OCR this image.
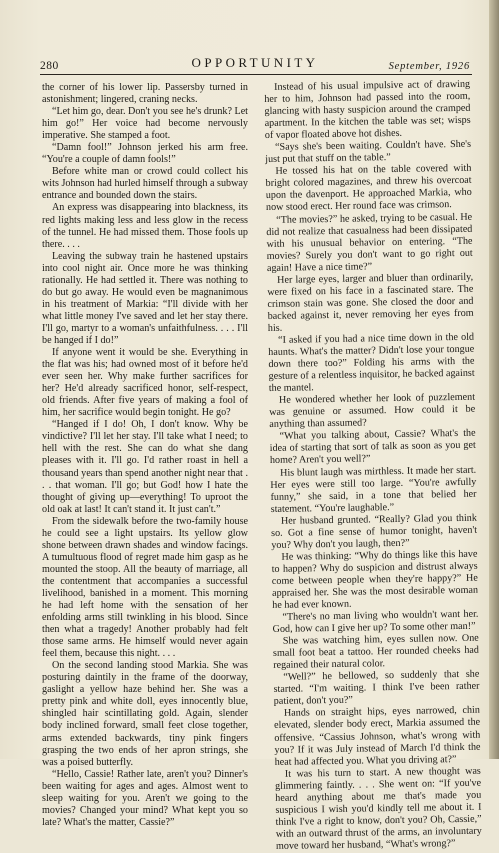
280	OPPORTUNITY	September, 1926

the corner of his lower lip. Passersby turned in astonishment; lingered, craning necks.

“Let him go, dear. Don't you see he's drunk? Let him go!” Her voice had become nervously imperative. She stamped a foot.

“Damn fool!” Johnson jerked his arm free. “You're a couple of damn fools!”

Before white man or crowd could collect his wits Johnson had hurled himself through a subway entrance and bounded down the stairs.

An express was disappearing into blackness, its red lights making less and less glow in the recess of the tunnel. He had missed them. Those fools up there. . . .

Leaving the subway train he hastened upstairs into cool night air. Once more he was thinking rationally. He had settled it. There was nothing to do but go away. He would even be magnanimous in his treatment of Markia: “I'll divide with her what little money I've saved and let her stay there. I'll go, martyr to a woman's unfaithfulness. . . . I'll be hanged if I do!”

If anyone went it would be she. Everything in the flat was his; had owned most of it before he'd ever seen her. Why make further sacrifices for her? He'd already sacrificed honor, self-respect, old friends. After five years of making a fool of him, her sacrifice would begin tonight. He go?

“Hanged if I do! Oh, I don't know. Why be vindictive? I'll let her stay. I'll take what I need; to hell with the rest. She can do what she dang pleases with it. I'll go. I'd rather roast in hell a thousand years than spend another night near that . . . that woman. I'll go; but God! how I hate the thought of giving up—everything! To uproot the old oak at last! It can't stand it. It just can't.”

From the sidewalk before the two-family house he could see a light upstairs. Its yellow glow shone between drawn shades and window facings. A tumultuous flood of regret made him gasp as he mounted the stoop. All the beauty of marriage, all the contentment that accompanies a successful livelihood, banished in a moment. This morning he had left home with the sensation of her enfolding arms still twinkling in his blood. Since then what a tragedy! Another probably had felt those same arms. He himself would never again feel them, because this night. . . .

On the second landing stood Markia. She was posturing daintily in the frame of the doorway, gaslight a yellow haze behind her. She was a pretty pink and white doll, eyes innocently blue, shingled hair scintillating gold. Again, slender body inclined forward, small feet close together, arms extended backwards, tiny pink fingers grasping the two ends of her apron strings, she was a poised butterfly.

“Hello, Cassie! Rather late, aren't you? Dinner's been waiting for ages and ages. Almost went to sleep waiting for you. Aren't we going to the movies? Changed your mind? What kept you so late? What's the matter, Cassie?”

Instead of his usual impulsive act of drawing her to him, Johnson had passed into the room, glancing with hasty suspicion around the cramped apartment. In the kitchen the table was set; wisps of vapor floated above hot dishes.

“Says she's been waiting. Couldn't have. She's just put that stuff on the table.”

He tossed his hat on the table covered with bright colored magazines, and threw his overcoat upon the davenport. He approached Markia, who now stood erect. Her round face was crimson.

“The movies?” he asked, trying to be casual. He did not realize that casualness had been dissipated with his unusual behavior on entering. “The movies? Surely you don't want to go right out again! Have a nice time?”

Her large eyes, larger and bluer than ordinarily, were fixed on his face in a fascinated stare. The crimson stain was gone. She closed the door and backed against it, never removing her eyes from his.

“I asked if you had a nice time down in the old haunts. What's the matter? Didn't lose your tongue down there too?” Folding his arms with the gesture of a relentless inquisitor, he backed against the mantel.

He wondered whether her look of puzzlement was genuine or assumed. How could it be anything than assumed?

“What you talking about, Cassie? What's the idea of starting that sort of talk as soon as you get home? Aren't you well?”

His blunt laugh was mirthless. It made her start. Her eyes were still too large. “You're awfully funny,” she said, in a tone that belied her statement. “You're laughable.”

Her husband grunted. “Really? Glad you think so. Got a fine sense of humor tonight, haven't you? Why don't you laugh, then?”

He was thinking: “Why do things like this have to happen? Why do suspicion and distrust always come between people when they're happy?” He appraised her. She was the most desirable woman he had ever known.

“There's no man living who wouldn't want her. God, how can I give her up? To some other man!”

She was watching him, eyes sullen now. One small foot beat a tattoo. Her rounded cheeks had regained their natural color.

“Well?” he bellowed, so suddenly that she started. “I'm waiting. I think I've been rather patient, don't you?”

Hands on straight hips, eyes narrowed, chin elevated, slender body erect, Markia assumed the offensive. “Cassius Johnson, what's wrong with you? If it was July instead of March I'd think the heat had affected you. What you driving at?”

It was his turn to start. A new thought was glimmering faintly. . . . She went on: “If you've heard anything about me that's made you suspicious I wish you'd kindly tell me about it. I think I've a right to know, don't you? Oh, Cassie,” with an outward thrust of the arms, an involuntary move toward her husband, “What's wrong?”
